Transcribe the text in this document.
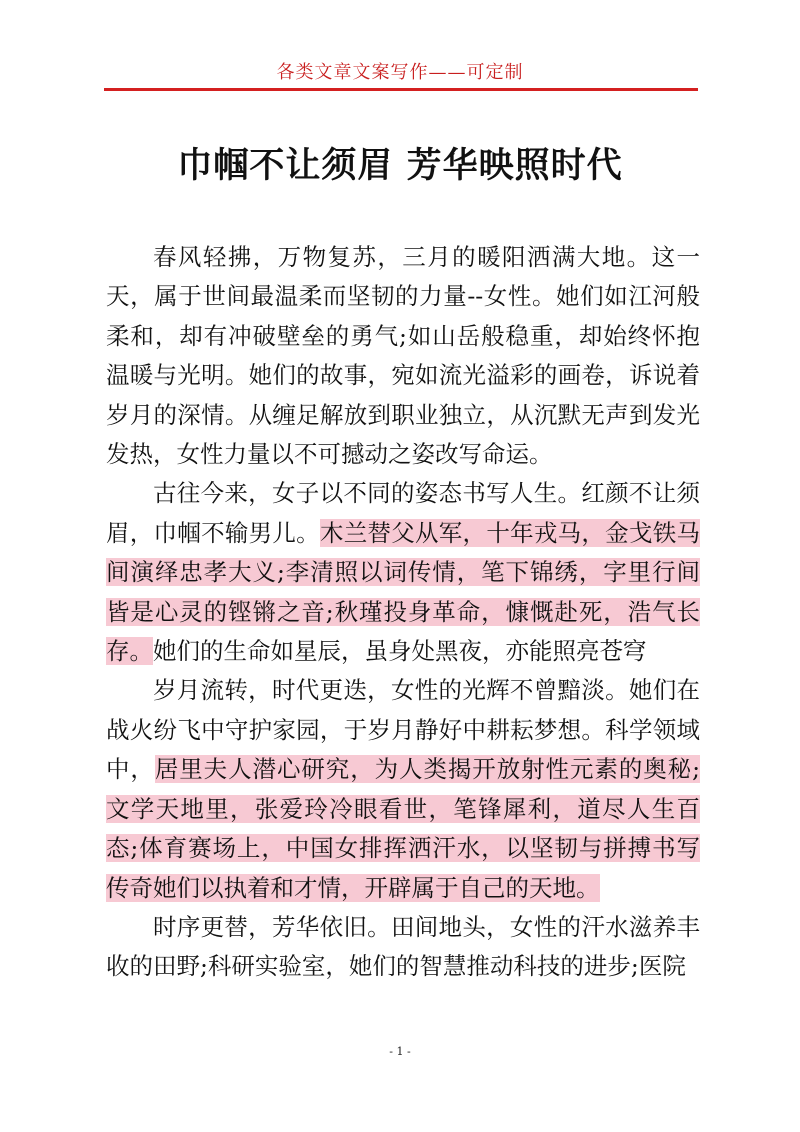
各类文章文案写作——可定制
巾帼不让须眉 芳华映照时代

春风轻拂，万物复苏，三月的暖阳洒满大地。这一天，属于世间最温柔而坚韧的力量--女性。她们如江河般柔和，却有冲破壁垒的勇气;如山岳般稳重，却始终怀抱温暖与光明。她们的故事，宛如流光溢彩的画卷，诉说着岁月的深情。从缠足解放到职业独立，从沉默无声到发光发热，女性力量以不可撼动之姿改写命运。

古往今来，女子以不同的姿态书写人生。红颜不让须眉，巾帼不输男儿。木兰替父从军，十年戎马，金戈铁马间演绎忠孝大义;李清照以词传情，笔下锦绣，字里行间皆是心灵的铿锵之音;秋瑾投身革命，慷慨赴死，浩气长存。她们的生命如星辰，虽身处黑夜，亦能照亮苍穹

岁月流转，时代更迭，女性的光辉不曾黯淡。她们在战火纷飞中守护家园，于岁月静好中耕耘梦想。科学领域中，居里夫人潜心研究，为人类揭开放射性元素的奥秘;文学天地里，张爱玲冷眼看世，笔锋犀利，道尽人生百态;体育赛场上，中国女排挥洒汗水，以坚韧与拼搏书写传奇她们以执着和才情，开辟属于自己的天地。

时序更替，芳华依旧。田间地头，女性的汗水滋养丰收的田野;科研实验室，她们的智慧推动科技的进步;医院

- 1 -
